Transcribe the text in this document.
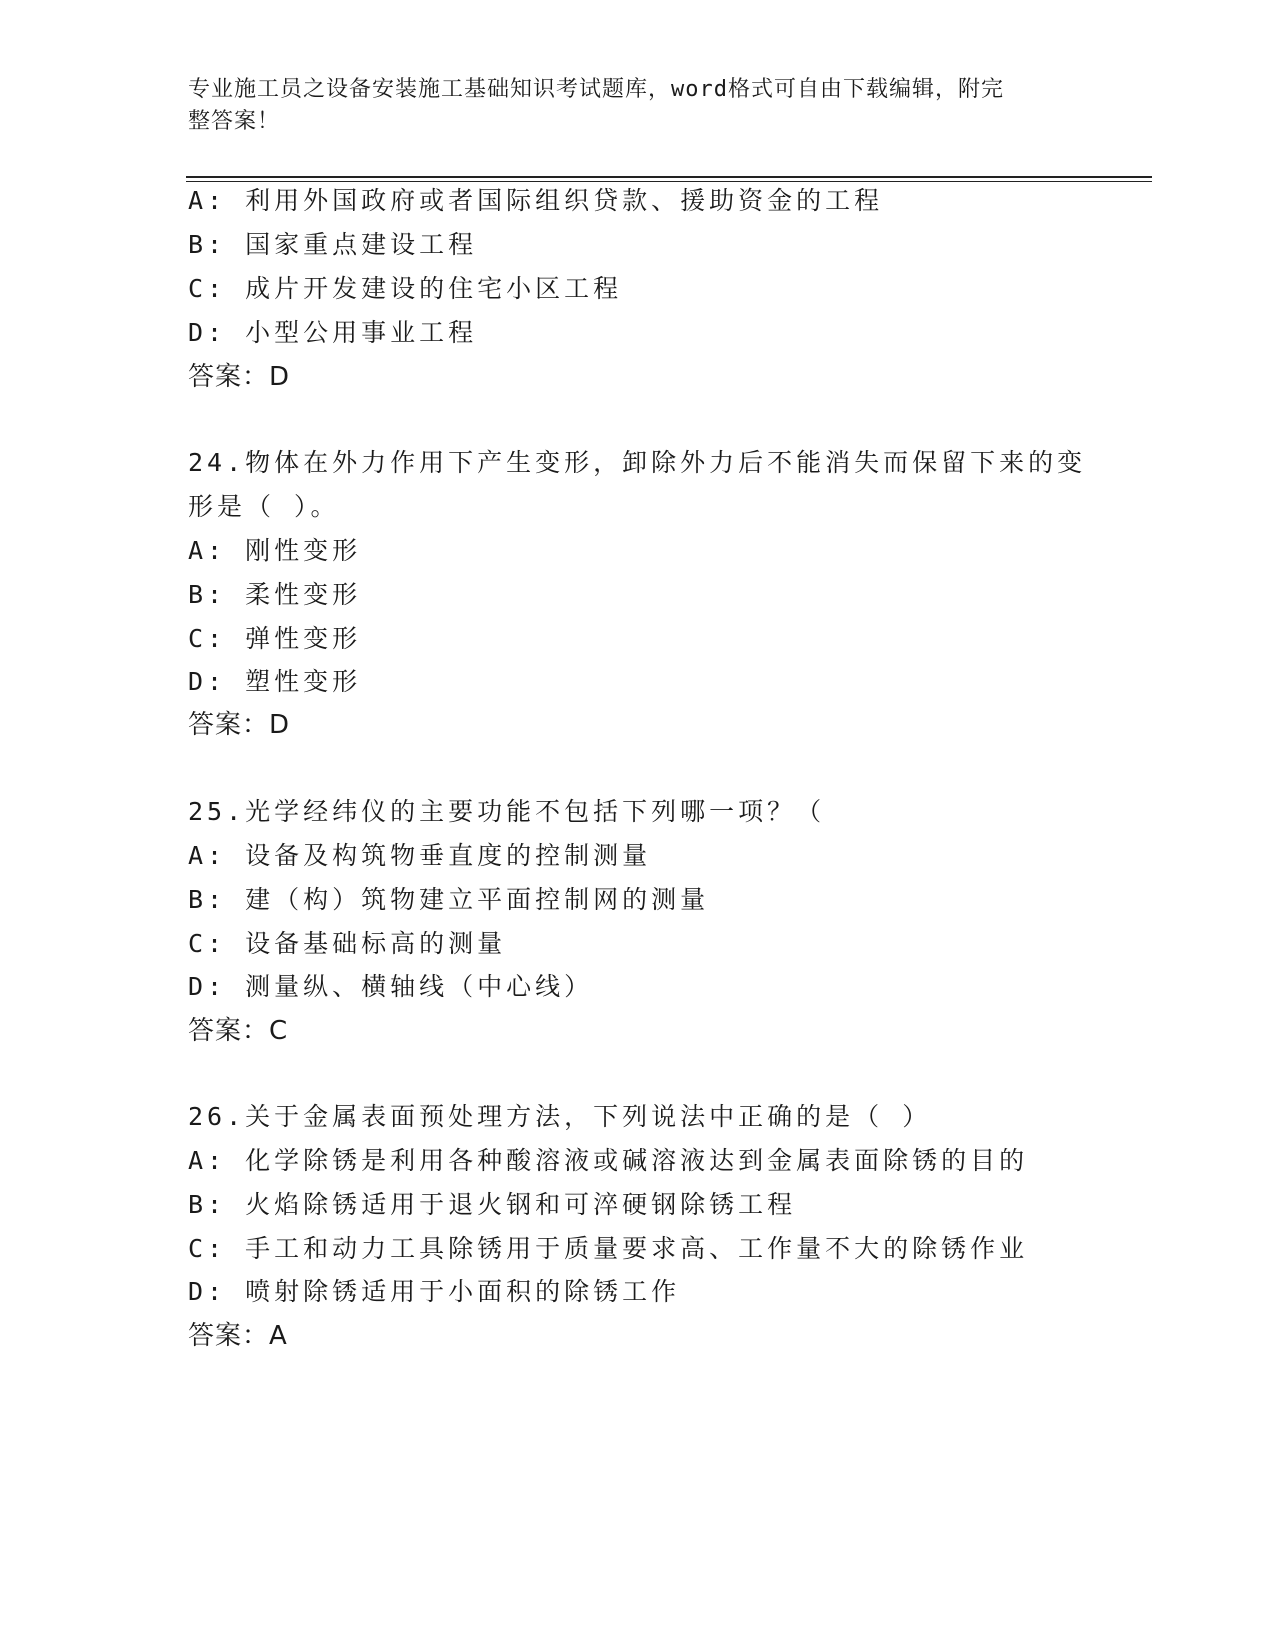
专业施工员之设备安装施工基础知识考试题库，word格式可自由下载编辑，附完
整答案！
A: 利用外国政府或者国际组织贷款、援助资金的工程
B: 国家重点建设工程
C: 成片开发建设的住宅小区工程
D: 小型公用事业工程
答案：D
24.物体在外力作用下产生变形，卸除外力后不能消失而保留下来的变
形是（ ）。
A: 刚性变形
B: 柔性变形
C: 弹性变形
D: 塑性变形
答案：D
25.光学经纬仪的主要功能不包括下列哪一项？（
A: 设备及构筑物垂直度的控制测量
B: 建（构）筑物建立平面控制网的测量
C: 设备基础标高的测量
D: 测量纵、横轴线（中心线）
答案：C
26.关于金属表面预处理方法，下列说法中正确的是（ ）
A: 化学除锈是利用各种酸溶液或碱溶液达到金属表面除锈的目的
B: 火焰除锈适用于退火钢和可淬硬钢除锈工程
C: 手工和动力工具除锈用于质量要求高、工作量不大的除锈作业
D: 喷射除锈适用于小面积的除锈工作
答案：A
